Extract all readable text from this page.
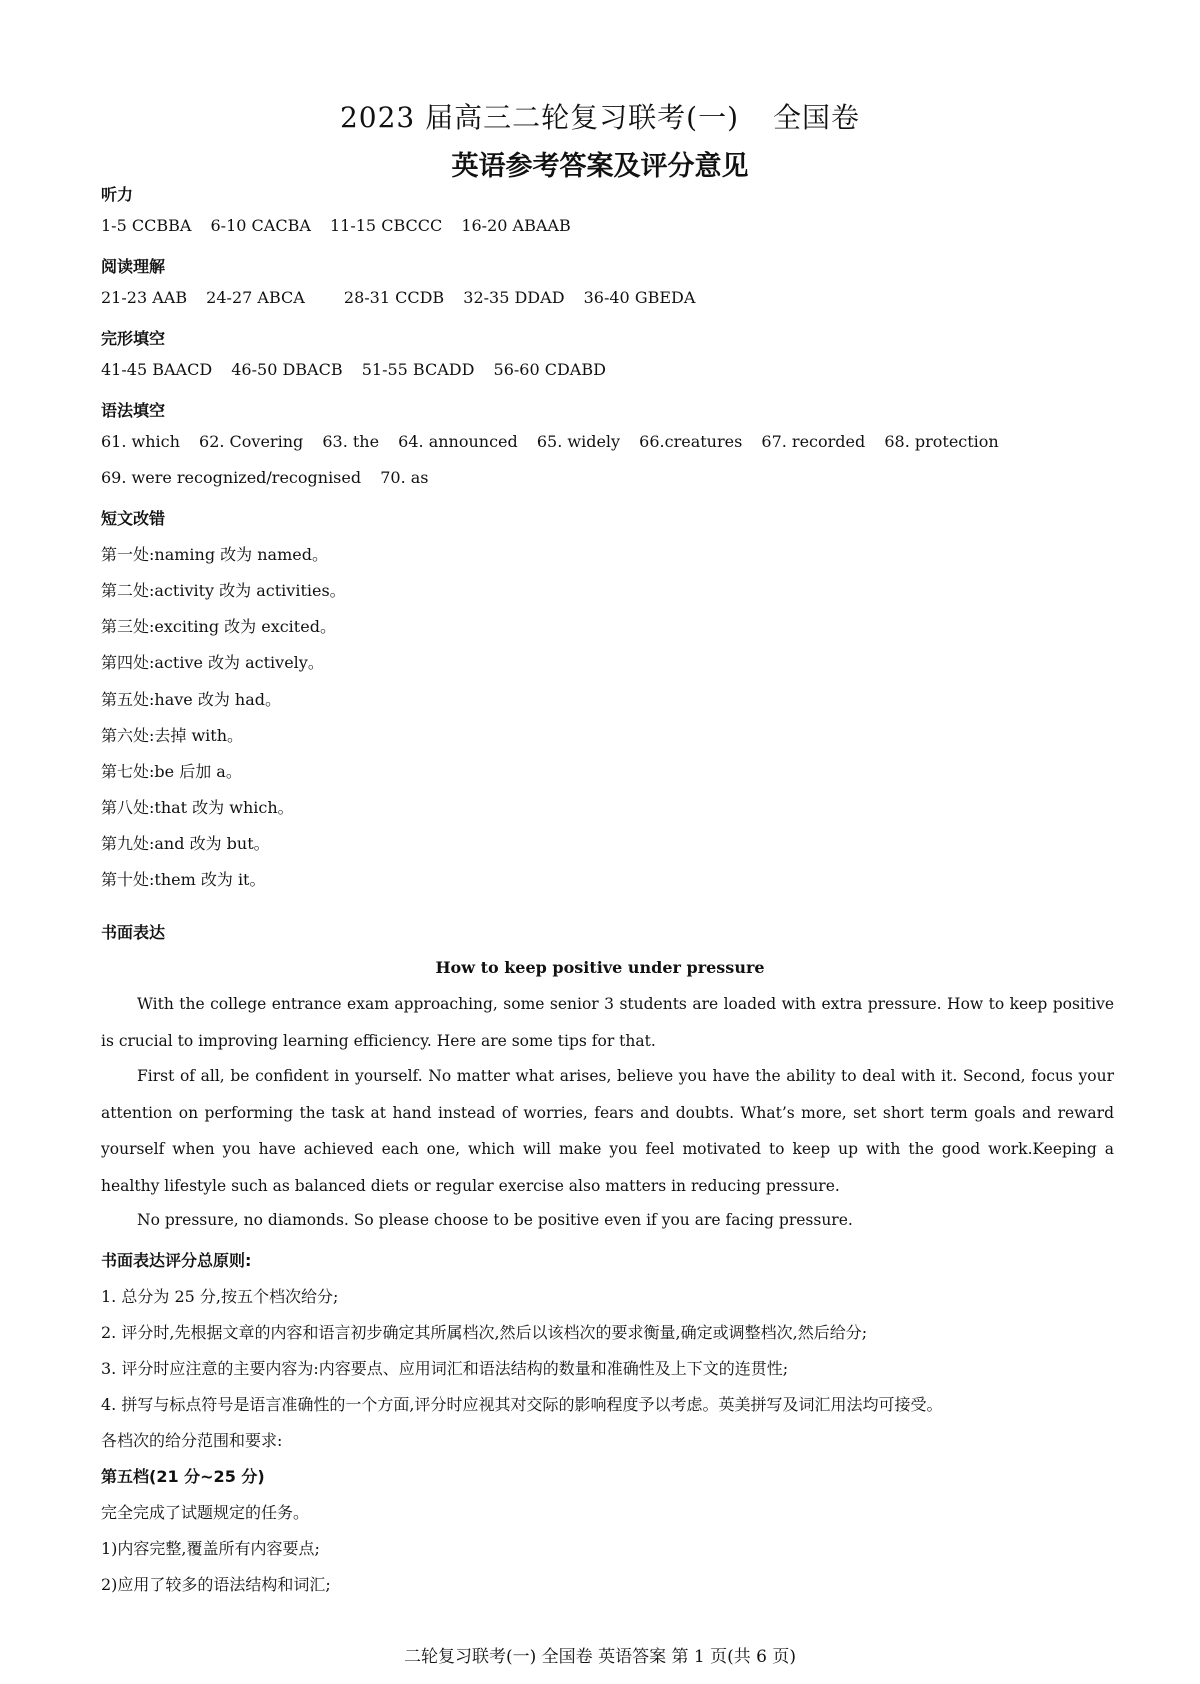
2023 届高三二轮复习联考(一) 全国卷
英语参考答案及评分意见
听力
1-5 CCBBA 6-10 CACBA 11-15 CBCCC 16-20 ABAAB
阅读理解
21-23 AAB 24-27 ABCA 28-31 CCDB 32-35 DDAD 36-40 GBEDA
完形填空
41-45 BAACD 46-50 DBACB 51-55 BCADD 56-60 CDABD
语法填空
61. which 62. Covering 63. the 64. announced 65. widely 66.creatures 67. recorded 68. protection
69. were recognized/recognised 70. as
短文改错
第一处:naming 改为 named。
第二处:activity 改为 activities。
第三处:exciting 改为 excited。
第四处:active 改为 actively。
第五处:have 改为 had。
第六处:去掉 with。
第七处:be 后加 a。
第八处:that 改为 which。
第九处:and 改为 but。
第十处:them 改为 it。
书面表达
How to keep positive under pressure
With the college entrance exam approaching, some senior 3 students are loaded with extra pressure. How to keep positive is crucial to improving learning efficiency. Here are some tips for that.
First of all, be confident in yourself. No matter what arises, believe you have the ability to deal with it. Second, focus your attention on performing the task at hand instead of worries, fears and doubts. What’s more, set short term goals and reward yourself when you have achieved each one, which will make you feel motivated to keep up with the good work.Keeping a healthy lifestyle such as balanced diets or regular exercise also matters in reducing pressure.
No pressure, no diamonds. So please choose to be positive even if you are facing pressure.
书面表达评分总原则:
1. 总分为 25 分,按五个档次给分;
2. 评分时,先根据文章的内容和语言初步确定其所属档次,然后以该档次的要求衡量,确定或调整档次,然后给分;
3. 评分时应注意的主要内容为:内容要点、应用词汇和语法结构的数量和准确性及上下文的连贯性;
4. 拼写与标点符号是语言准确性的一个方面,评分时应视其对交际的影响程度予以考虑。英美拼写及词汇用法均可接受。
各档次的给分范围和要求:
第五档(21 分~25 分)
完全完成了试题规定的任务。
1)内容完整,覆盖所有内容要点;
2)应用了较多的语法结构和词汇;
二轮复习联考(一) 全国卷 英语答案 第 1 页(共 6 页)
